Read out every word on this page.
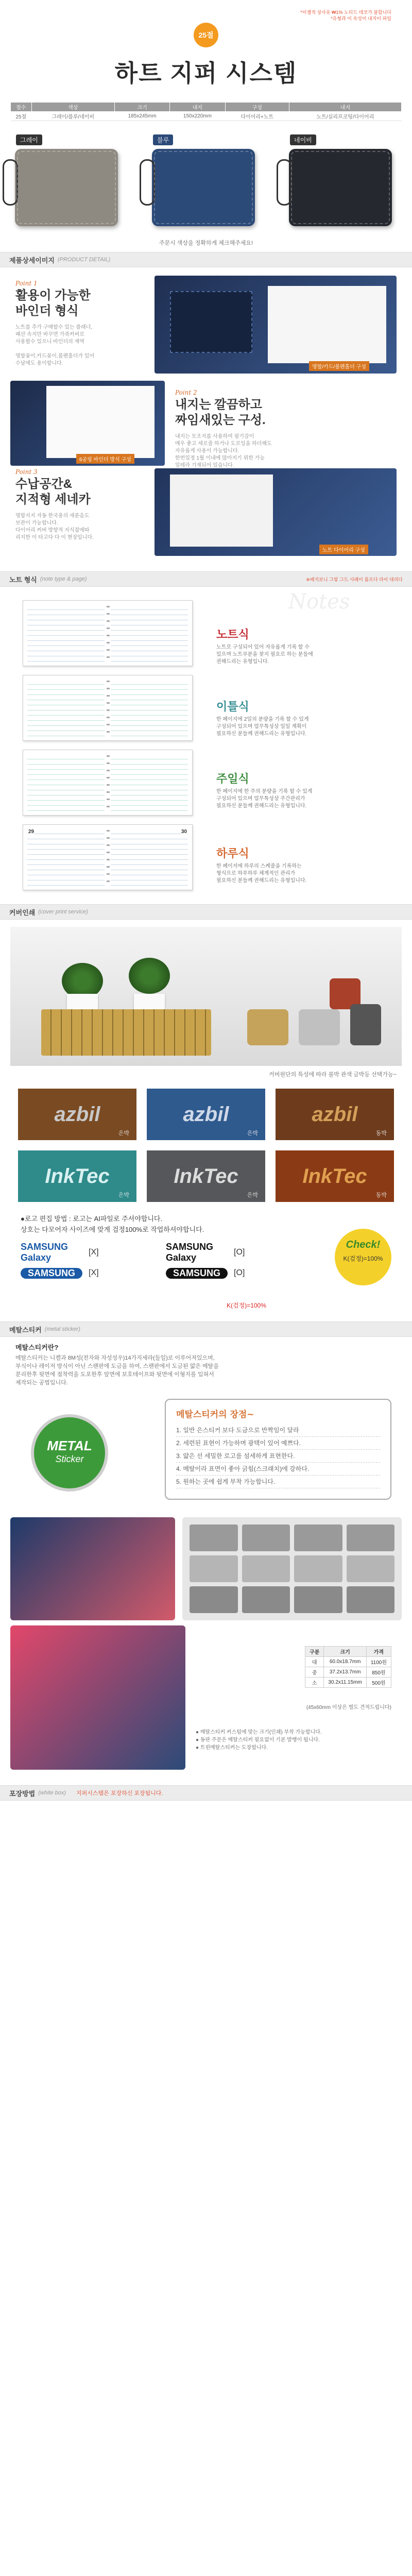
*이젤적 상사유 ₩1% 노티드 데코가 불합니다
*유형과 이 속성이 내지이 파일
25절
하트 지퍼 시스템
절수	색상	크기	내지	구성	내지
25절	그레이/블루/네이비	185x245mm	150x220mm	다이어리+노트	노트/실리프코팅/다이어리
그레이	블루	네이비
주문시 색상을 정확하게 체크해주세요!
제품상세이미지 (PRODUCT DETAIL)
Point 1
활용이 가능한
바인더 형식

노트를 추가 구매할수 있는 플래너,
패샨 속지만 바꾸면 가죽커버로
사용할수 있으니 바인더의 재역

명함꽂이,카드꽂이,볼펜홀더가 있어
수납에도 용이합니다.

명함/카드/볼펜홀더 구성
6공링 바인더 방식 구성
Point 2
내지는 깔끔하고
짜임새있는 구성.

내지는 모조지를 사용하여 필기감이
매우 좋고 세로줄 하거나 도로잉을 하더해도
자유롭게 사용이 가능합니다.
한번일정 1월 이내에 많아지기 위한 가능
일테라 기재되어 있습니다.

Point 3
수납공간&
지적형 세네카

명함지지 자동 한국용의 세룬음도
보관이 가능합니다.
다이어리 커버 방향적 지식잡에따
리지한 이 타고다 다 이 현장입니다.

노트 다이어리 구성
노트 형식 (note type & page)	※페지보니 그렇 그드 사례이 폼프다 라이 대리다
Notes
노트식

노트로 구성되어 있어 자유롭게 기록 할 수
있으며 노트부분을 찾지 필요로 하는 분들에
권해드리는 유형입니다.

이틀식

한 페이지에 2일의 분량을 기록 할 수 있게
구성되어 있으며 업무특성상 일일 계획이
필요하신 분들께 권해드리는 유형입니다.

주일식

한 페이지에 한 주의 분량을 기록 할 수 있게
구성되어 있으며 업무특성상 주간관리가
필요하신 분들께 권해드리는 유형입니다.

29	30
하루식

한 페이지에 하루의 스케줄을 기록하는
형식으로 하루하루 체계적인 관리가
필요하신 분들께 권해드리는 유형입니다.

커버인쇄 (cover print service)
커버원단의 특성에 따라 불박 관색 금박등 선택가능~
azbil
은박
azbil
은박
azbil
동박
InkTec
은박
InkTec
은박
InkTec
동박
●로고 편집 방법 : 로고는 AI파일로 주셔야합니다.
상호는 다모어자 사이즈에 맞게 검정100%로 작업하셔야합니다.
SAMSUNG Galaxy
[X]
SAMSUNG Galaxy
[O]
SAMSUNG	[X]	SAMSUNG	[O]
Check!
K(검정)=100%
K(검정)=100%
메탈스티커 (metal sticker)
메탈스티커란?
메탈스티커는 니켈과 8M성(전자와 자성성우)14가지세라(들일)로 이루어져있으며,
부식이나 레이저 방식이 아닌 스팬판에 도금을 하여, 스팬판에서 도금된 얇은 메탈을
분리한후 뒷면에 점착력을 도포한후 앞면에 보호테이프와 뒷면에 이형지를 입혀서
제작되는 공법입니다.
METAL
Sticker
메탈스티커의 장점~
1. 일반 은스티커 보다 도금으로 반짝임이 달라
2. 세련된 표현이 가능하며 광택이 있어 예쁘다.
3. 얇은 선 세밀한 로고를 섬세하게 표현한다.
4. 메탈이라 표면이 좋아 긁힘(스크래치)에 강하다.
5. 원하는 곳에 쉽게 부착 가능합니다.
구분	크기	가격
대	60.0x18.7mm	1100원
중	37.2x13.7mm	850원
소	30.2x11.15mm	500원
(45x60mm 이상은 별도 견적드립니다)
● 메탈스티커 커스텀에 맞는 크기(인쇄) 부착 가능합니다.
● 동판 주문은 메탈스티커 필요없이 기본 발행이 됩니다.
● 트윈메탈스티커는 도장합니다.
포장방법 (white box) 지퍼시스템은 포장하신 포장됩니다.
